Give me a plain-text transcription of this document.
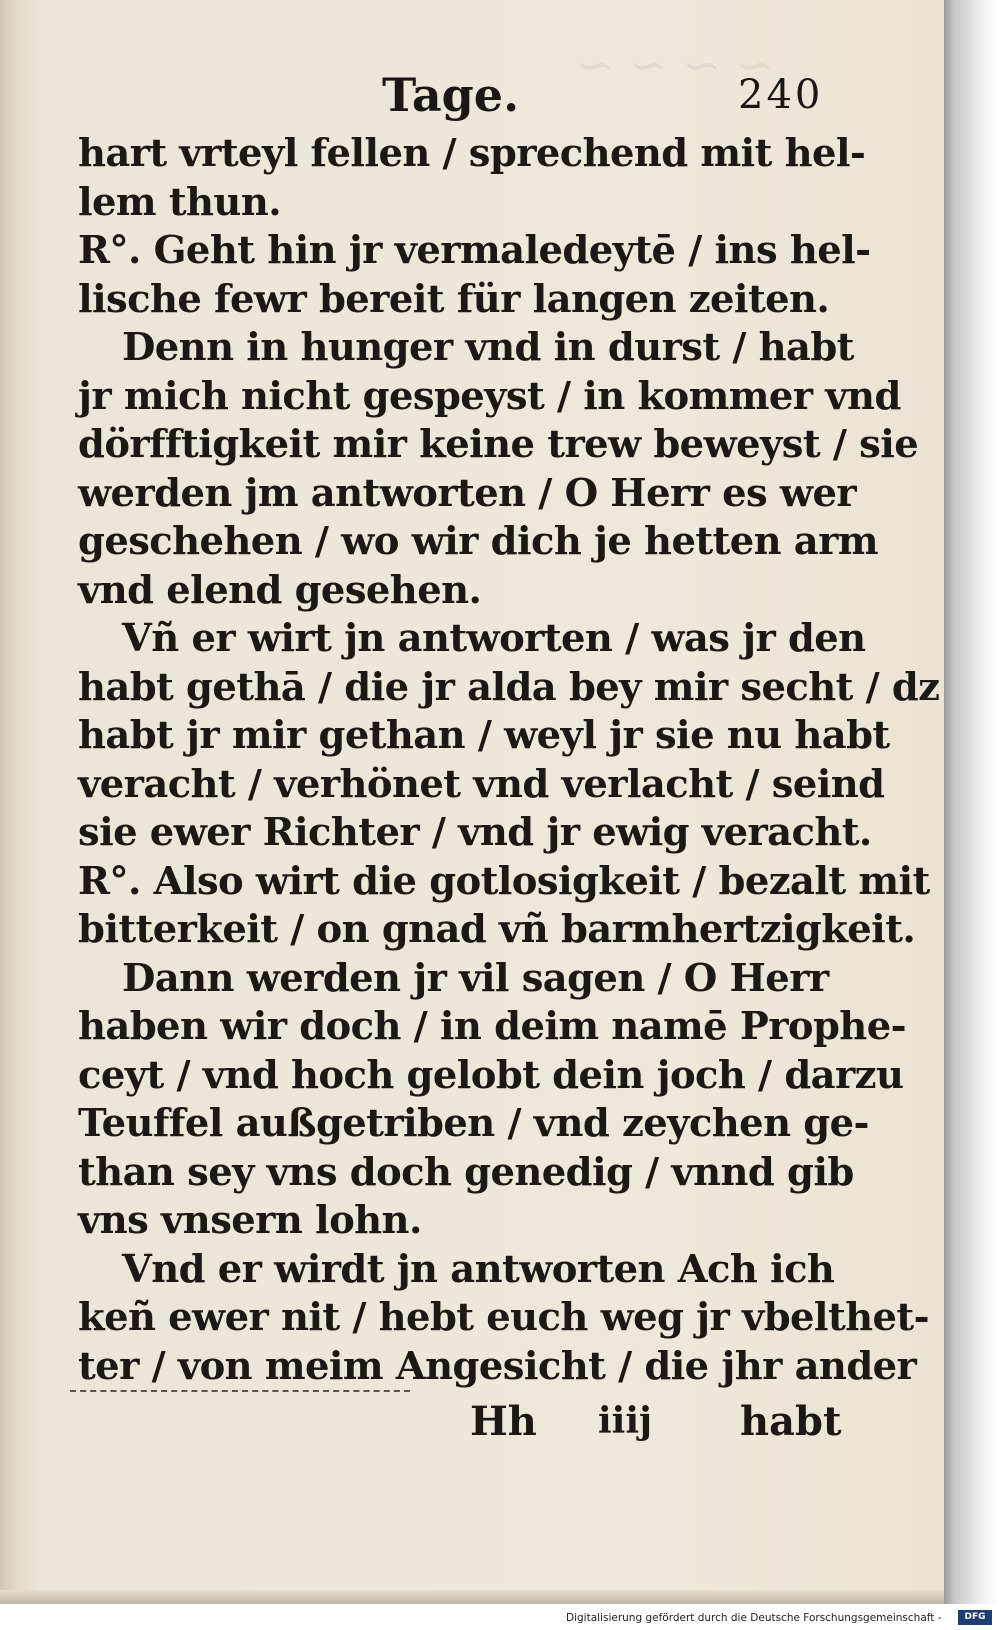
~ ~ ~ ~
Tage.	240
hart vrteyl fellen / sprechend mit hel-
lem thun.
R°. Geht hin jr vermaledeytē / ins hel-
lische fewr bereit für langen zeiten.
Denn in hunger vnd in durst / habt
jr mich nicht gespeyst / in kommer vnd
dörfftigkeit mir keine trew beweyst / sie
werden jm antworten / O Herr es wer
geschehen / wo wir dich je hetten arm
vnd elend gesehen.
Vñ er wirt jn antworten / was jr den
habt gethā / die jr alda bey mir secht / dz
habt jr mir gethan / weyl jr sie nu habt
veracht / verhönet vnd verlacht / seind
sie ewer Richter / vnd jr ewig veracht.
R°. Also wirt die gotlosigkeit / bezalt mit
bitterkeit / on gnad vñ barmhertzigkeit.
Dann werden jr vil sagen / O Herr
haben wir doch / in deim namē Prophe-
ceyt / vnd hoch gelobt dein joch / darzu
Teuffel außgetriben / vnd zeychen ge-
than sey vns doch genedig / vnnd gib
vns vnsern lohn.
Vnd er wirdt jn antworten Ach ich
keñ ewer nit / hebt euch weg jr vbelthet-
ter / von meim Angesicht / die jhr ander
Hh iiij habt
Digitalisierung gefördert durch die Deutsche Forschungsgemeinschaft -	DFG
